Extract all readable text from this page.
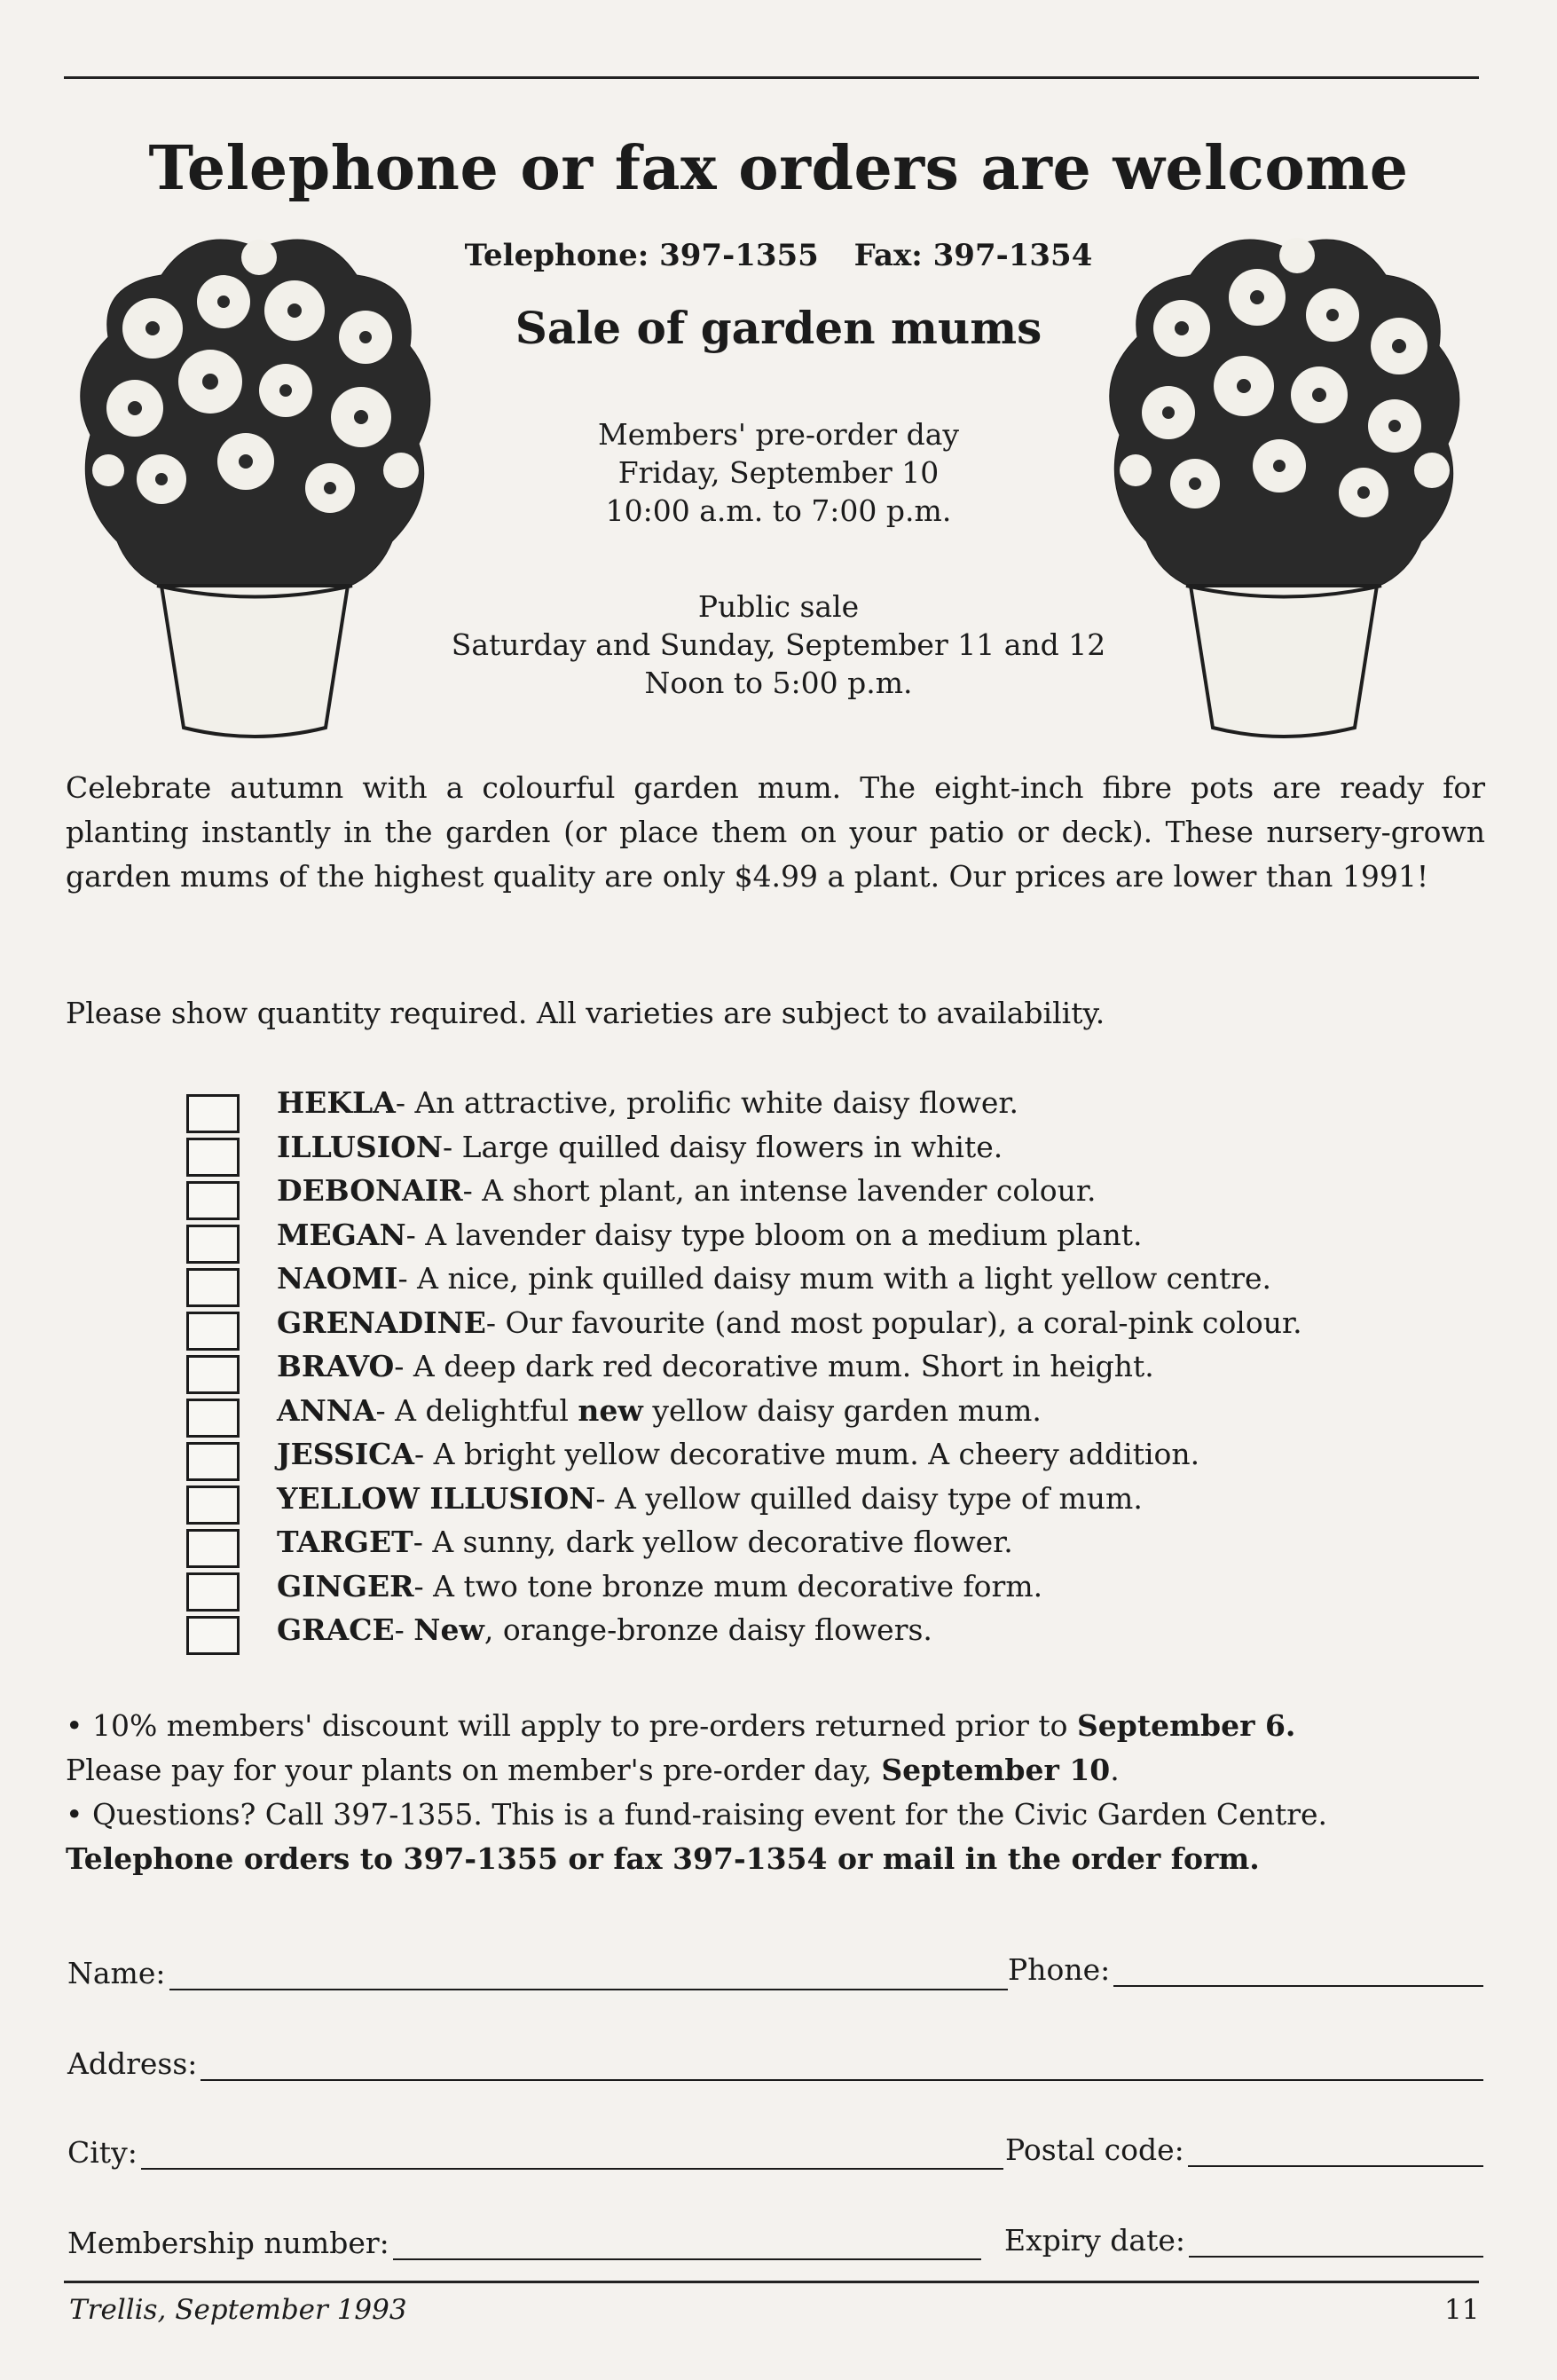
Telephone or fax orders are welcome
Telephone: 397-1355 Fax: 397-1354
Sale of garden mums
Members' pre-order day
Friday, September 10
10:00 a.m. to 7:00 p.m.
Public sale
Saturday and Sunday, September 11 and 12
Noon to 5:00 p.m.
Celebrate autumn with a colourful garden mum. The eight-inch fibre pots are ready for planting instantly in the garden (or place them on your patio or deck). These nursery-grown garden mums of the highest quality are only $4.99 a plant. Our prices are lower than 1991!
Please show quantity required. All varieties are subject to availability.
HEKLA- An attractive, prolific white daisy flower.
ILLUSION- Large quilled daisy flowers in white.
DEBONAIR- A short plant, an intense lavender colour.
MEGAN- A lavender daisy type bloom on a medium plant.
NAOMI- A nice, pink quilled daisy mum with a light yellow centre.
GRENADINE- Our favourite (and most popular), a coral-pink colour.
BRAVO- A deep dark red decorative mum. Short in height.
ANNA- A delightful new yellow daisy garden mum.
JESSICA- A bright yellow decorative mum. A cheery addition.
YELLOW ILLUSION- A yellow quilled daisy type of mum.
TARGET- A sunny, dark yellow decorative flower.
GINGER- A two tone bronze mum decorative form.
GRACE- New, orange-bronze daisy flowers.
• 10% members' discount will apply to pre-orders returned prior to September 6.
Please pay for your plants on member's pre-order day, September 10.
• Questions? Call 397-1355. This is a fund-raising event for the Civic Garden Centre.
Telephone orders to 397-1355 or fax 397-1354 or mail in the order form.
Name:	Phone:
Address:
City:	Postal code:
Membership number:	Expiry date:
Trellis, September 1993	11
